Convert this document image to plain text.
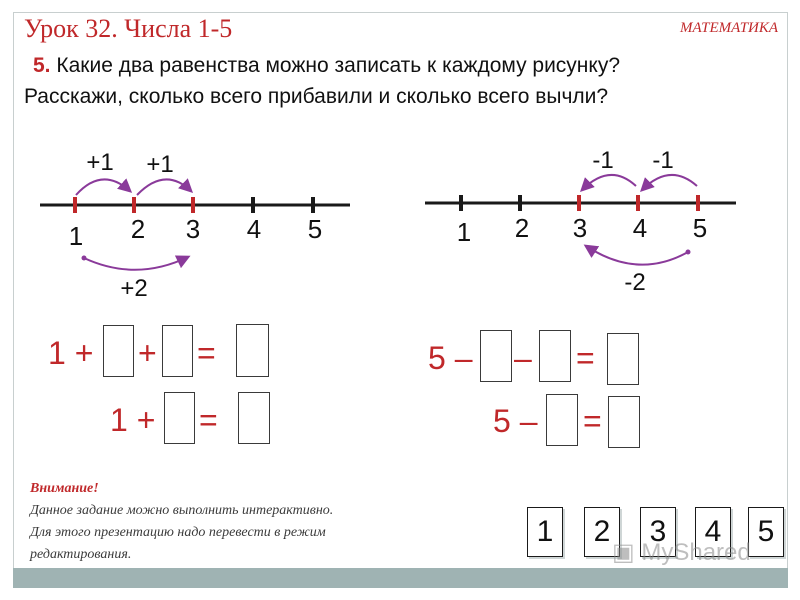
Урок 32. Числа 1-5	МАТЕМАТИКА
5. Какие два равенства можно записать к каждому рисунку?
Расскажи, сколько всего прибавили и сколько всего вычли?
1 2 3 4 5
+1 +1
+2
1 2 3 4 5
-1 -1
-2
1 + + =
1 + =
5 – – =
5 – =
Внимание!
Данное задание можно выполнить интерактивно.
Для этого презентацию надо перевести в режим
редактирования.
1	2	3	4	5
▣ MyShared
